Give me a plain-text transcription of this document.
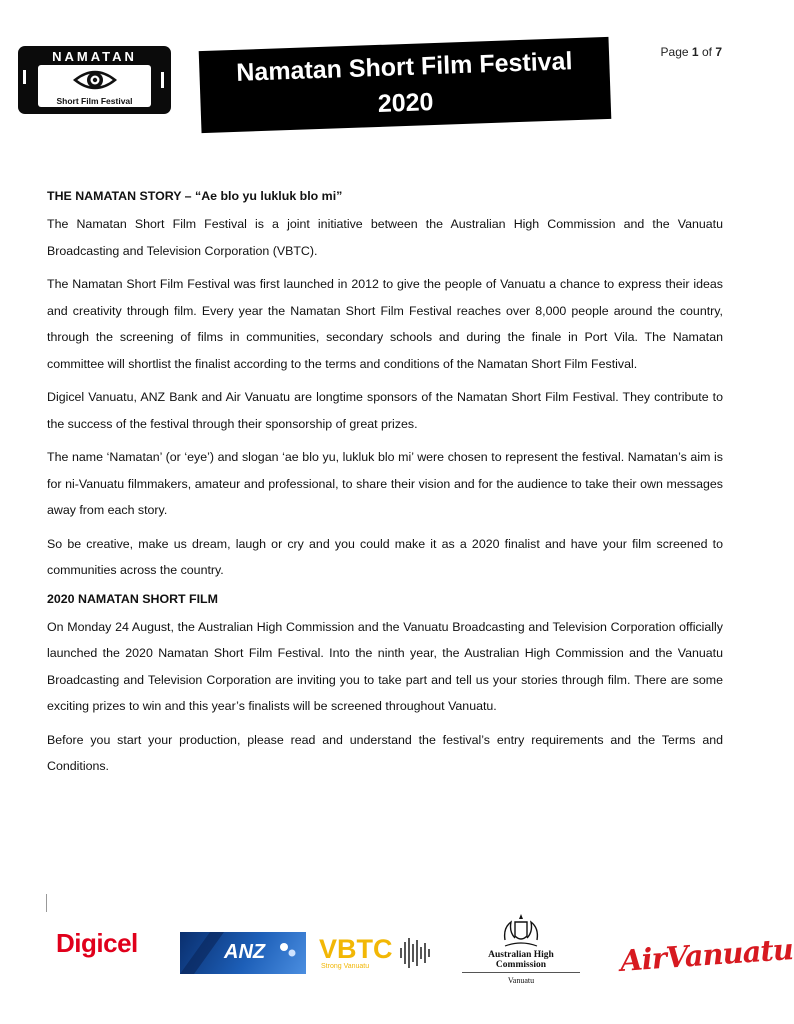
NAMATAN
Short Film Festival
Namatan Short Film Festival
2020
Page 1 of 7
THE NAMATAN STORY – “Ae blo yu lukluk blo mi”

The Namatan Short Film Festival is a joint initiative between the Australian High Commission and the Vanuatu Broadcasting and Television Corporation (VBTC).

The Namatan Short Film Festival was first launched in 2012 to give the people of Vanuatu a chance to express their ideas and creativity through film. Every year the Namatan Short Film Festival reaches over 8,000 people around the country, through the screening of films in communities, secondary schools and during the finale in Port Vila. The Namatan committee will shortlist the finalist according to the terms and conditions of the Namatan Short Film Festival.

Digicel Vanuatu, ANZ Bank and Air Vanuatu are longtime sponsors of the Namatan Short Film Festival. They contribute to the success of the festival through their sponsorship of great prizes.

The name ‘Namatan’ (or ‘eye’) and slogan ‘ae blo yu, lukluk blo mi’ were chosen to represent the festival. Namatan’s aim is for ni-Vanuatu filmmakers, amateur and professional, to share their vision and for the audience to take their own messages away from each story.

So be creative, make us dream, laugh or cry and you could make it as a 2020 finalist and have your film screened to communities across the country.

2020 NAMATAN SHORT FILM

On Monday 24 August, the Australian High Commission and the Vanuatu Broadcasting and Television Corporation officially launched the 2020 Namatan Short Film Festival. Into the ninth year, the Australian High Commission and the Vanuatu Broadcasting and Television Corporation are inviting you to take part and tell us your stories through film. There are some exciting prizes to win and this year’s finalists will be screened throughout Vanuatu.

Before you start your production, please read and understand the festival’s entry requirements and the Terms and Conditions.

Digicel	ANZ VBTC
Strong Vanuatu
Australian High Commission
Vanuatu
AirVanuatu
